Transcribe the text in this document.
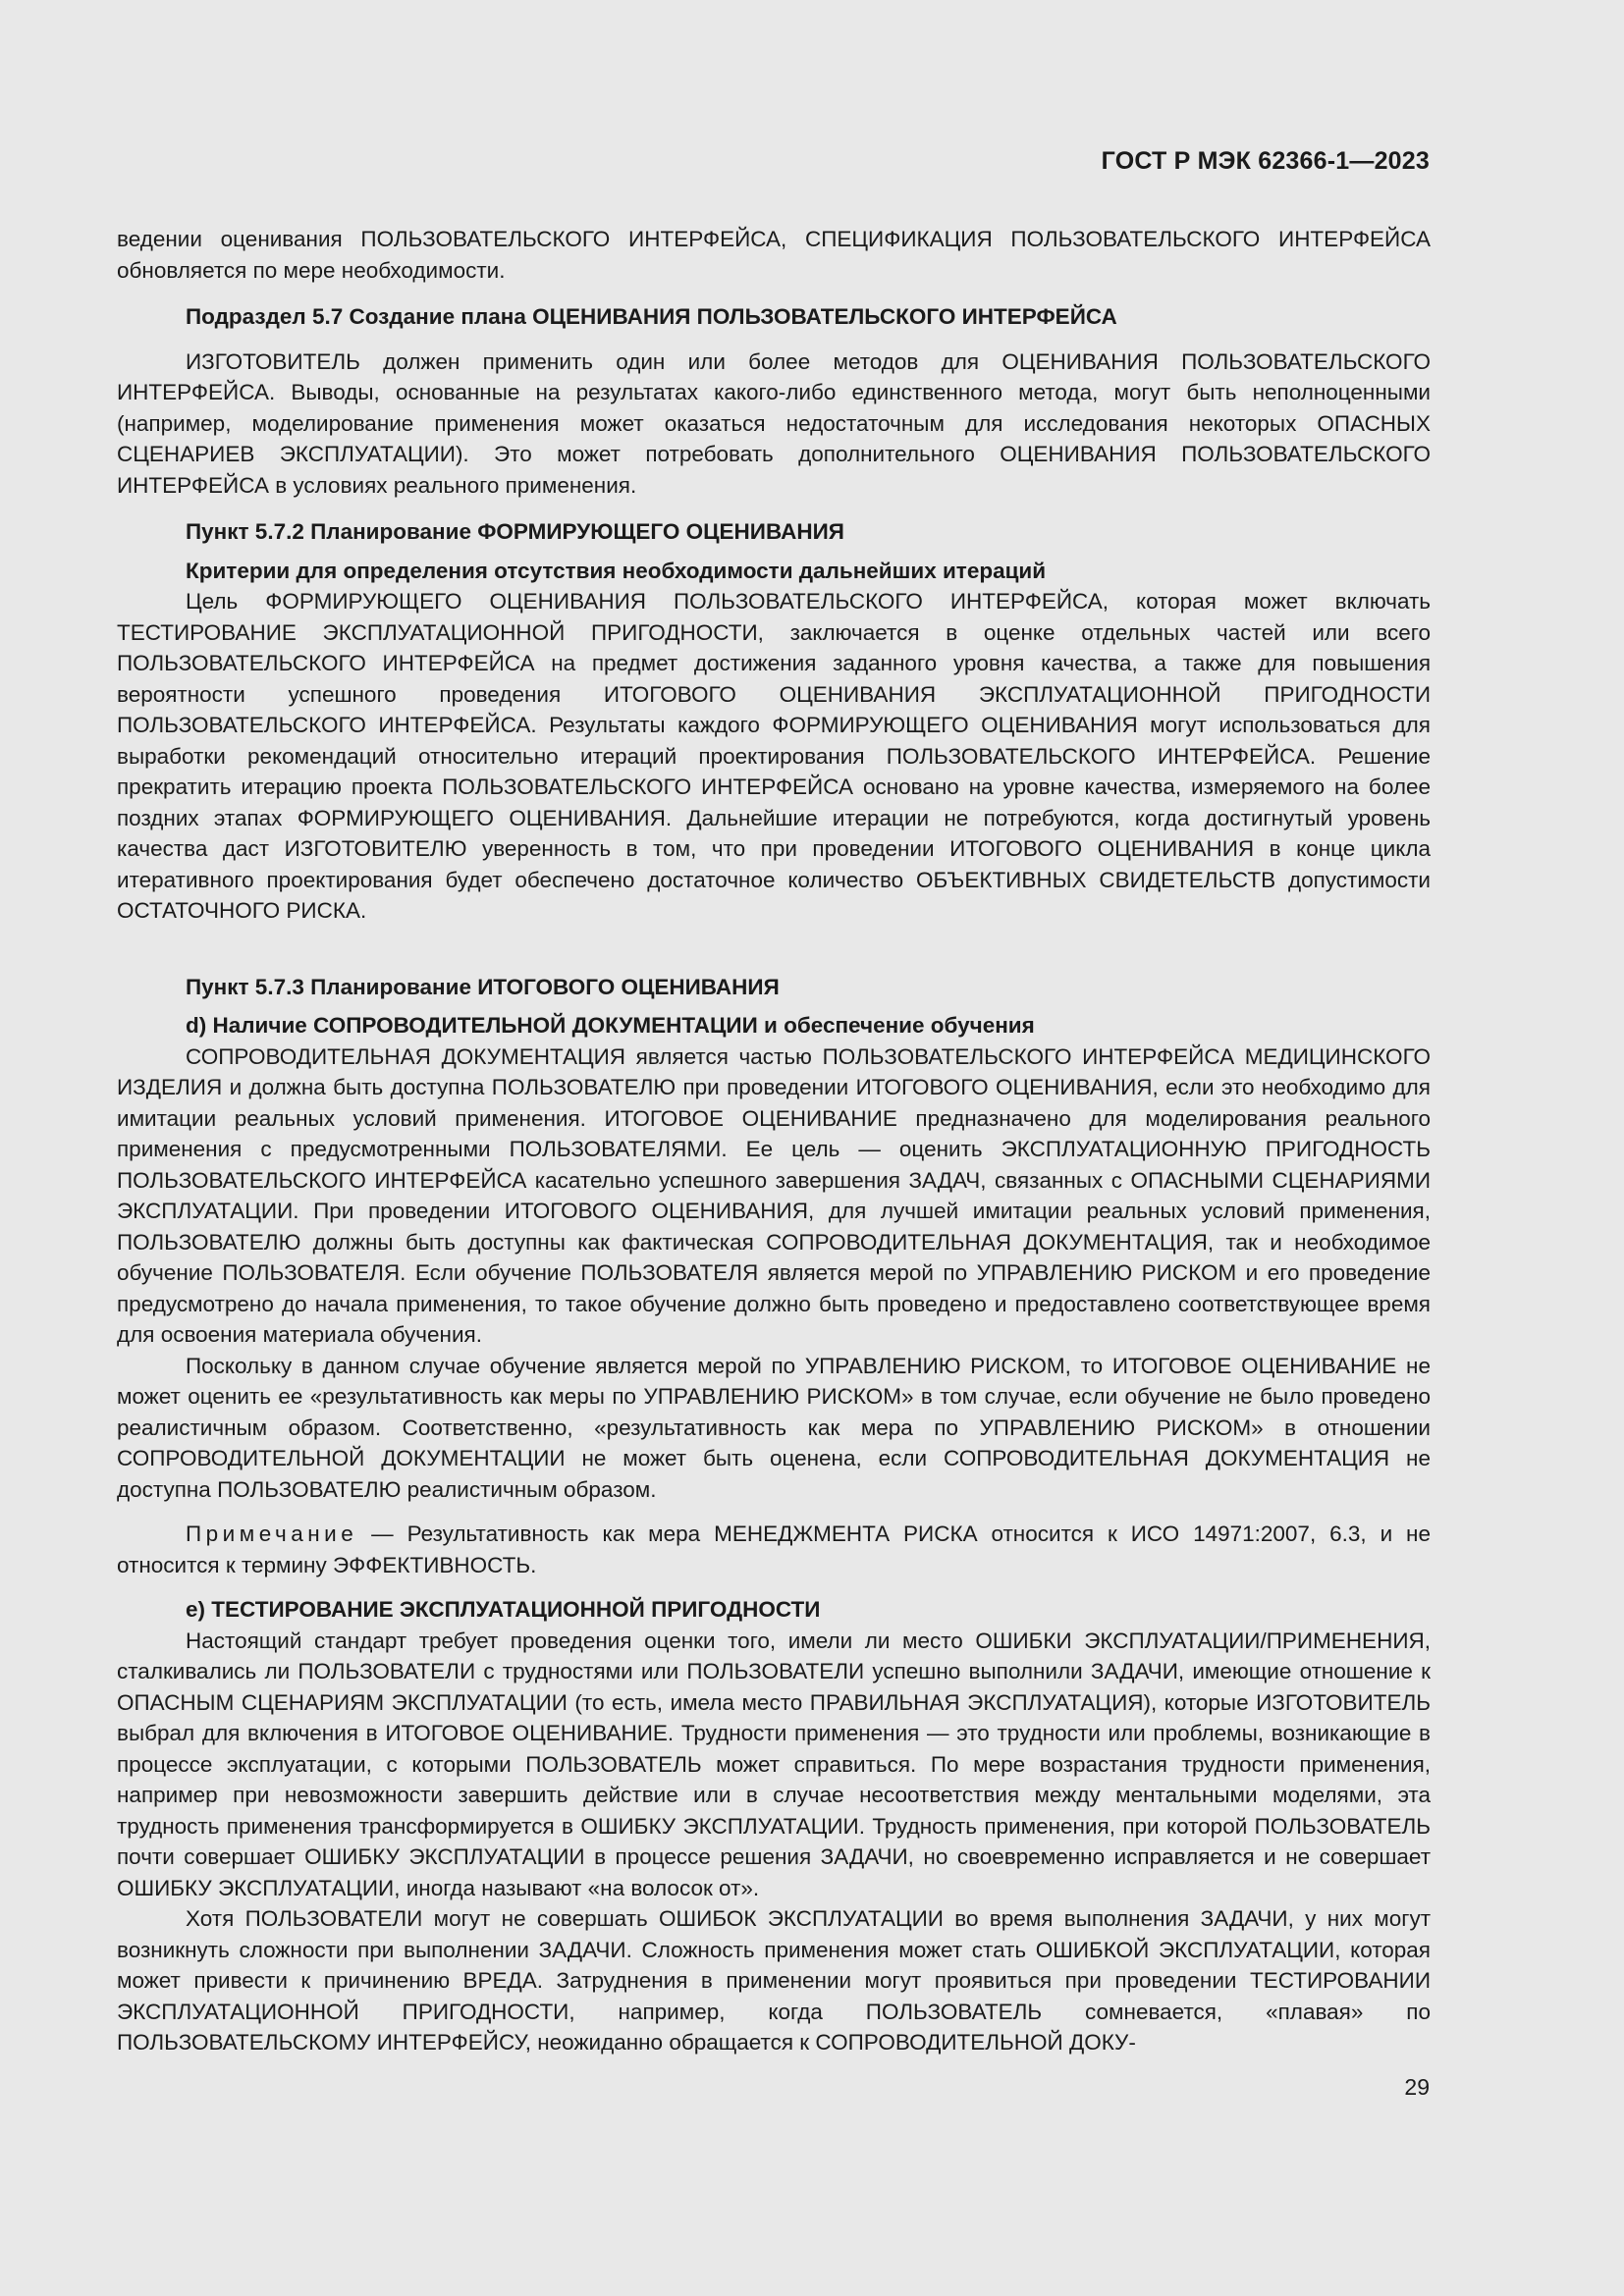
ГОСТ Р МЭК 62366-1—2023

ведении оценивания ПОЛЬЗОВАТЕЛЬСКОГО ИНТЕРФЕЙСА, СПЕЦИФИКАЦИЯ ПОЛЬЗОВАТЕЛЬСКОГО ИНТЕРФЕЙСА обновляется по мере необходимости.

Подраздел 5.7 Создание плана ОЦЕНИВАНИЯ ПОЛЬЗОВАТЕЛЬСКОГО ИНТЕРФЕЙСА

ИЗГОТОВИТЕЛЬ должен применить один или более методов для ОЦЕНИВАНИЯ ПОЛЬЗОВАТЕЛЬСКОГО ИНТЕРФЕЙСА. Выводы, основанные на результатах какого-либо единственного метода, могут быть неполноценными (например, моделирование применения может оказаться недостаточным для исследования некоторых ОПАСНЫХ СЦЕНАРИЕВ ЭКСПЛУАТАЦИИ). Это может потребовать дополнительного ОЦЕНИВАНИЯ ПОЛЬЗОВАТЕЛЬСКОГО ИНТЕРФЕЙСА в условиях реального применения.

Пункт 5.7.2 Планирование ФОРМИРУЮЩЕГО ОЦЕНИВАНИЯ
Критерии для определения отсутствия необходимости дальнейших итераций

Цель ФОРМИРУЮЩЕГО ОЦЕНИВАНИЯ ПОЛЬЗОВАТЕЛЬСКОГО ИНТЕРФЕЙСА, которая может включать ТЕСТИРОВАНИЕ ЭКСПЛУАТАЦИОННОЙ ПРИГОДНОСТИ, заключается в оценке отдельных частей или всего ПОЛЬЗОВАТЕЛЬСКОГО ИНТЕРФЕЙСА на предмет достижения заданного уровня качества, а также для повышения вероятности успешного проведения ИТОГОВОГО ОЦЕНИВАНИЯ ЭКСПЛУАТАЦИОННОЙ ПРИГОДНОСТИ ПОЛЬЗОВАТЕЛЬСКОГО ИНТЕРФЕЙСА. Результаты каждого ФОРМИРУЮЩЕГО ОЦЕНИВАНИЯ могут использоваться для выработки рекомендаций относительно итераций проектирования ПОЛЬЗОВАТЕЛЬСКОГО ИНТЕРФЕЙСА. Решение прекратить итерацию проекта ПОЛЬЗОВАТЕЛЬСКОГО ИНТЕРФЕЙСА основано на уровне качества, измеряемого на более поздних этапах ФОРМИРУЮЩЕГО ОЦЕНИВАНИЯ. Дальнейшие итерации не потребуются, когда достигнутый уровень качества даст ИЗГОТОВИТЕЛЮ уверенность в том, что при проведении ИТОГОВОГО ОЦЕНИВАНИЯ в конце цикла итеративного проектирования будет обеспечено достаточное количество ОБЪЕКТИВНЫХ СВИДЕТЕЛЬСТВ допустимости ОСТАТОЧНОГО РИСКА.

Пункт 5.7.3 Планирование ИТОГОВОГО ОЦЕНИВАНИЯ
d) Наличие СОПРОВОДИТЕЛЬНОЙ ДОКУМЕНТАЦИИ и обеспечение обучения

СОПРОВОДИТЕЛЬНАЯ ДОКУМЕНТАЦИЯ является частью ПОЛЬЗОВАТЕЛЬСКОГО ИНТЕРФЕЙСА МЕДИЦИНСКОГО ИЗДЕЛИЯ и должна быть доступна ПОЛЬЗОВАТЕЛЮ при проведении ИТОГОВОГО ОЦЕНИВАНИЯ, если это необходимо для имитации реальных условий применения. ИТОГОВОЕ ОЦЕНИВАНИЕ предназначено для моделирования реального применения с предусмотренными ПОЛЬЗОВАТЕЛЯМИ. Ее цель — оценить ЭКСПЛУАТАЦИОННУЮ ПРИГОДНОСТЬ ПОЛЬЗОВАТЕЛЬСКОГО ИНТЕРФЕЙСА касательно успешного завершения ЗАДАЧ, связанных с ОПАСНЫМИ СЦЕНАРИЯМИ ЭКСПЛУАТАЦИИ. При проведении ИТОГОВОГО ОЦЕНИВАНИЯ, для лучшей имитации реальных условий применения, ПОЛЬЗОВАТЕЛЮ должны быть доступны как фактическая СОПРОВОДИТЕЛЬНАЯ ДОКУМЕНТАЦИЯ, так и необходимое обучение ПОЛЬЗОВАТЕЛЯ. Если обучение ПОЛЬЗОВАТЕЛЯ является мерой по УПРАВЛЕНИЮ РИСКОМ и его проведение предусмотрено до начала применения, то такое обучение должно быть проведено и предоставлено соответствующее время для освоения материала обучения.

Поскольку в данном случае обучение является мерой по УПРАВЛЕНИЮ РИСКОМ, то ИТОГОВОЕ ОЦЕНИВАНИЕ не может оценить ее «результативность как меры по УПРАВЛЕНИЮ РИСКОМ» в том случае, если обучение не было проведено реалистичным образом. Соответственно, «результативность как мера по УПРАВЛЕНИЮ РИСКОМ» в отношении СОПРОВОДИТЕЛЬНОЙ ДОКУМЕНТАЦИИ не может быть оценена, если СОПРОВОДИТЕЛЬНАЯ ДОКУМЕНТАЦИЯ не доступна ПОЛЬЗОВАТЕЛЮ реалистичным образом.

Примечание — Результативность как мера МЕНЕДЖМЕНТА РИСКА относится к ИСО 14971:2007, 6.3, и не относится к термину ЭФФЕКТИВНОСТЬ.

e) ТЕСТИРОВАНИЕ ЭКСПЛУАТАЦИОННОЙ ПРИГОДНОСТИ

Настоящий стандарт требует проведения оценки того, имели ли место ОШИБКИ ЭКСПЛУАТАЦИИ/ПРИМЕНЕНИЯ, сталкивались ли ПОЛЬЗОВАТЕЛИ с трудностями или ПОЛЬЗОВАТЕЛИ успешно выполнили ЗАДАЧИ, имеющие отношение к ОПАСНЫМ СЦЕНАРИЯМ ЭКСПЛУАТАЦИИ (то есть, имела место ПРАВИЛЬНАЯ ЭКСПЛУАТАЦИЯ), которые ИЗГОТОВИТЕЛЬ выбрал для включения в ИТОГОВОЕ ОЦЕНИВАНИЕ. Трудности применения — это трудности или проблемы, возникающие в процессе эксплуатации, с которыми ПОЛЬЗОВАТЕЛЬ может справиться. По мере возрастания трудности применения, например при невозможности завершить действие или в случае несоответствия между ментальными моделями, эта трудность применения трансформируется в ОШИБКУ ЭКСПЛУАТАЦИИ. Трудность применения, при которой ПОЛЬЗОВАТЕЛЬ почти совершает ОШИБКУ ЭКСПЛУАТАЦИИ в процессе решения ЗАДАЧИ, но своевременно исправляется и не совершает ОШИБКУ ЭКСПЛУАТАЦИИ, иногда называют «на волосок от».

Хотя ПОЛЬЗОВАТЕЛИ могут не совершать ОШИБОК ЭКСПЛУАТАЦИИ во время выполнения ЗАДАЧИ, у них могут возникнуть сложности при выполнении ЗАДАЧИ. Сложность применения может стать ОШИБКОЙ ЭКСПЛУАТАЦИИ, которая может привести к причинению ВРЕДА. Затруднения в применении могут проявиться при проведении ТЕСТИРОВАНИИ ЭКСПЛУАТАЦИОННОЙ ПРИГОДНОСТИ, например, когда ПОЛЬЗОВАТЕЛЬ сомневается, «плавая» по ПОЛЬЗОВАТЕЛЬСКОМУ ИНТЕРФЕЙСУ, неожиданно обращается к СОПРОВОДИТЕЛЬНОЙ ДОКУ-

29
